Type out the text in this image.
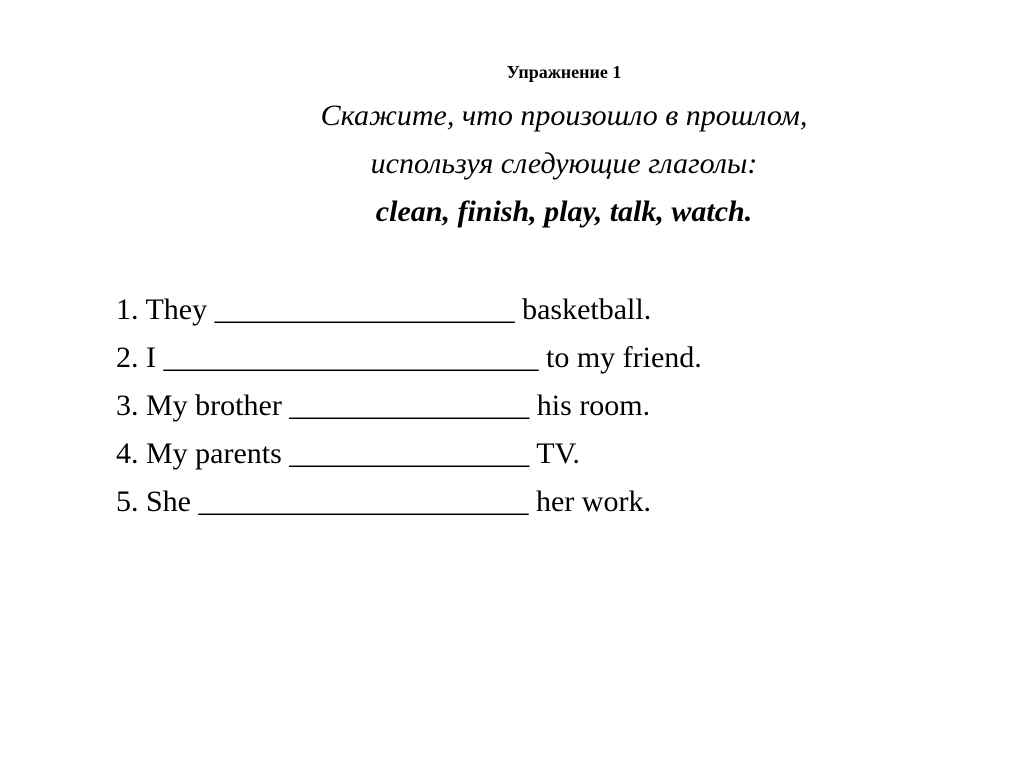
Упражнение 1
Скажите, что произошло в прошлом,
используя следующие глаголы:
clean, finish, play, talk, watch.
1. They ____________________ basketball.
2. I _________________________ to my friend.
3. My brother ________________ his room.
4. My parents ________________ TV.
5. She ______________________ her work.
